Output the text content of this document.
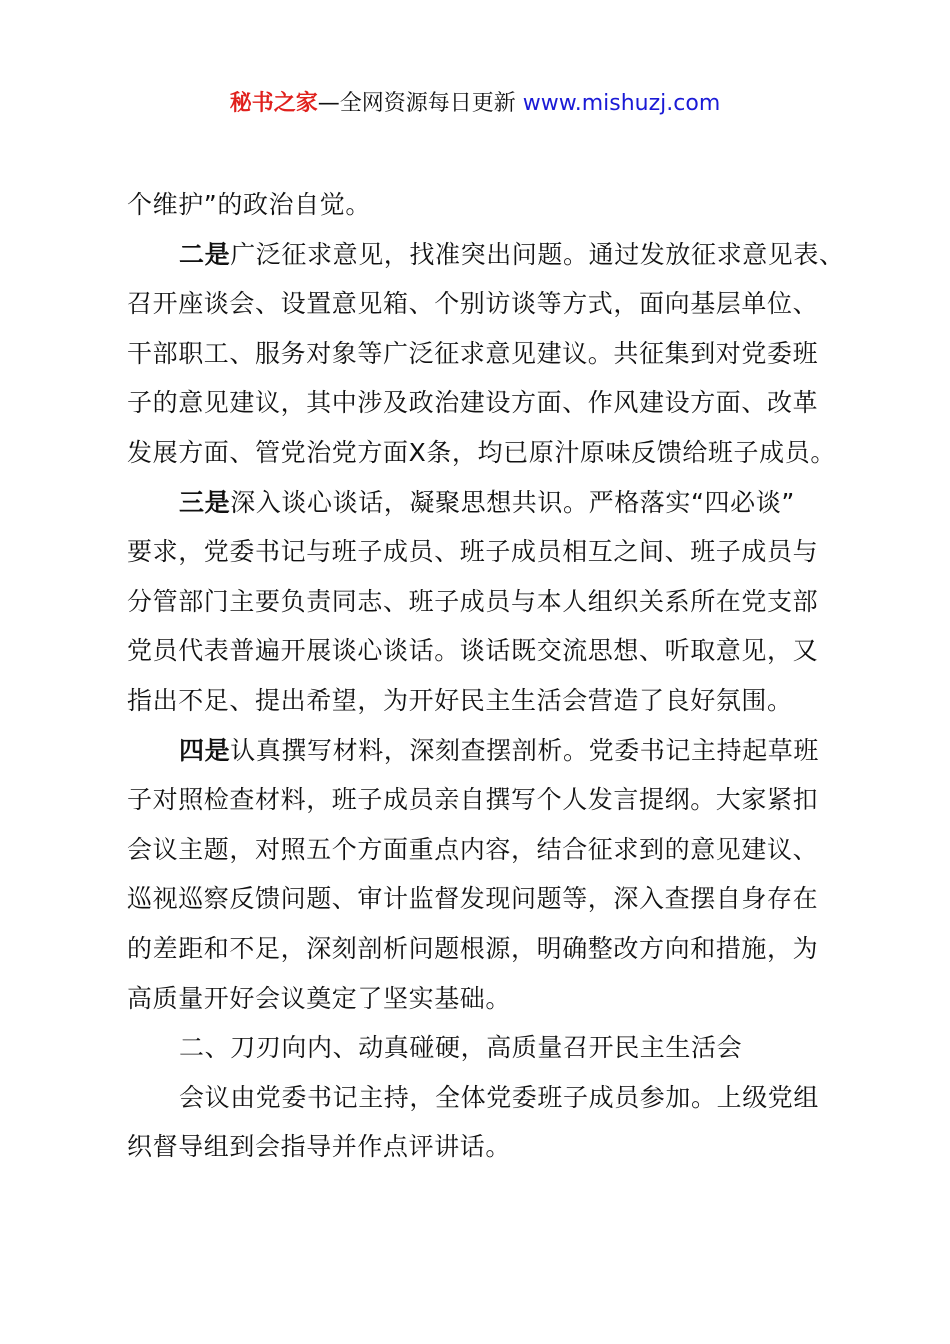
秘书之家—全网资源每日更新 www.mishuzj.com
个维护”的政治自觉。
二是广泛征求意见，找准突出问题。通过发放征求意见表、
召开座谈会、设置意见箱、个别访谈等方式，面向基层单位、
干部职工、服务对象等广泛征求意见建议。共征集到对党委班
子的意见建议，其中涉及政治建设方面、作风建设方面、改革
发展方面、管党治党方面X条，均已原汁原味反馈给班子成员。
三是深入谈心谈话，凝聚思想共识。严格落实“四必谈”
要求，党委书记与班子成员、班子成员相互之间、班子成员与
分管部门主要负责同志、班子成员与本人组织关系所在党支部
党员代表普遍开展谈心谈话。谈话既交流思想、听取意见，又
指出不足、提出希望，为开好民主生活会营造了良好氛围。
四是认真撰写材料，深刻查摆剖析。党委书记主持起草班
子对照检查材料，班子成员亲自撰写个人发言提纲。大家紧扣
会议主题，对照五个方面重点内容，结合征求到的意见建议、
巡视巡察反馈问题、审计监督发现问题等，深入查摆自身存在
的差距和不足，深刻剖析问题根源，明确整改方向和措施，为
高质量开好会议奠定了坚实基础。
二、刀刃向内、动真碰硬，高质量召开民主生活会
会议由党委书记主持，全体党委班子成员参加。上级党组
织督导组到会指导并作点评讲话。
